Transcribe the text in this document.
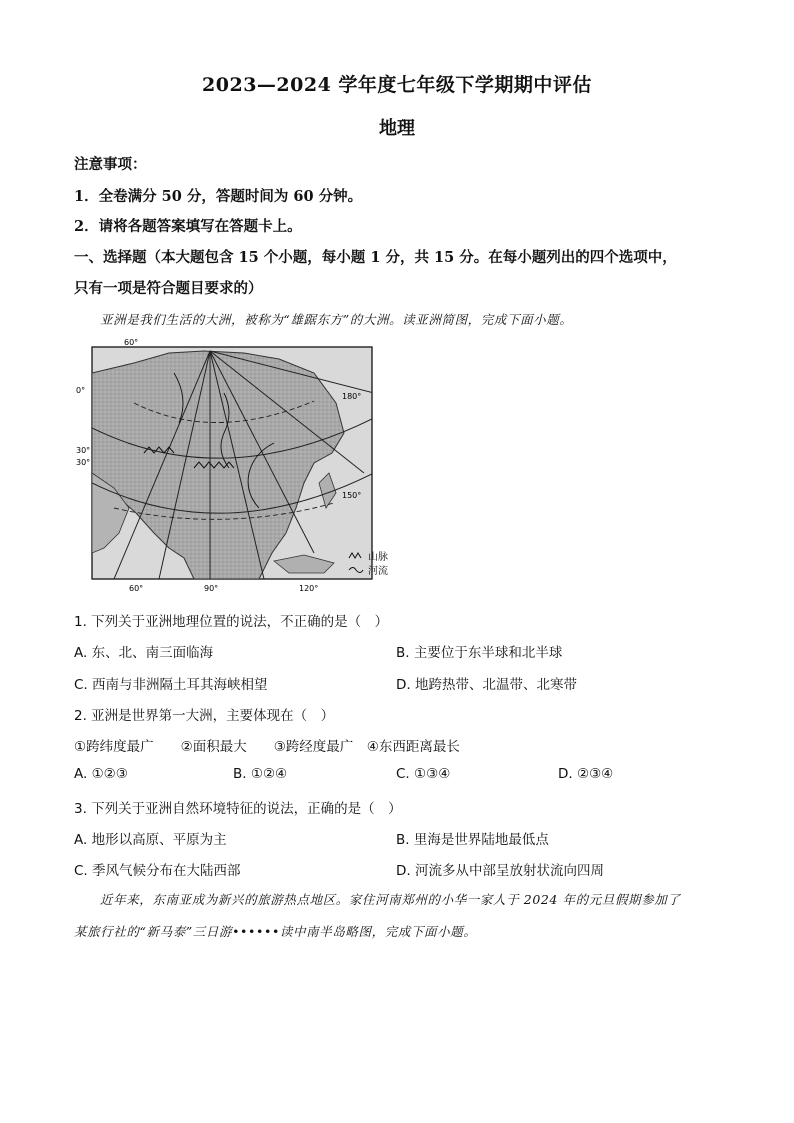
2023—2024 学年度七年级下学期期中评估
地理
注意事项：
1．全卷满分 50 分，答题时间为 60 分钟。
2．请将各题答案填写在答题卡上。
一、选择题（本大题包含 15 个小题，每小题 1 分，共 15 分。在每小题列出的四个选项中，
只有一项是符合题目要求的）
亚洲是我们生活的大洲，被称为“雄踞东方”的大洲。读亚洲简图，完成下面小题。
60°
0°
30°
30°
60°	90°	120°
150°
180°
山脉
河流
1. 下列关于亚洲地理位置的说法，不正确的是（　）
A. 东、北、南三面临海	B. 主要位于东半球和北半球
C. 西南与非洲隔土耳其海峡相望	D. 地跨热带、北温带、北寒带
2. 亚洲是世界第一大洲，主要体现在（　）
①跨纬度最广　　②面积最大　　③跨经度最广　④东西距离最长
A. ①②③	B. ①②④	C. ①③④	D. ②③④
3. 下列关于亚洲自然环境特征的说法，正确的是（　）
A. 地形以高原、平原为主	B. 里海是世界陆地最低点
C. 季风气候分布在大陆西部	D. 河流多从中部呈放射状流向四周
近年来，东南亚成为新兴的旅游热点地区。家住河南郑州的小华一家人于 2024 年的元旦假期参加了
某旅行社的“新马泰”三日游••••••读中南半岛略图，完成下面小题。
